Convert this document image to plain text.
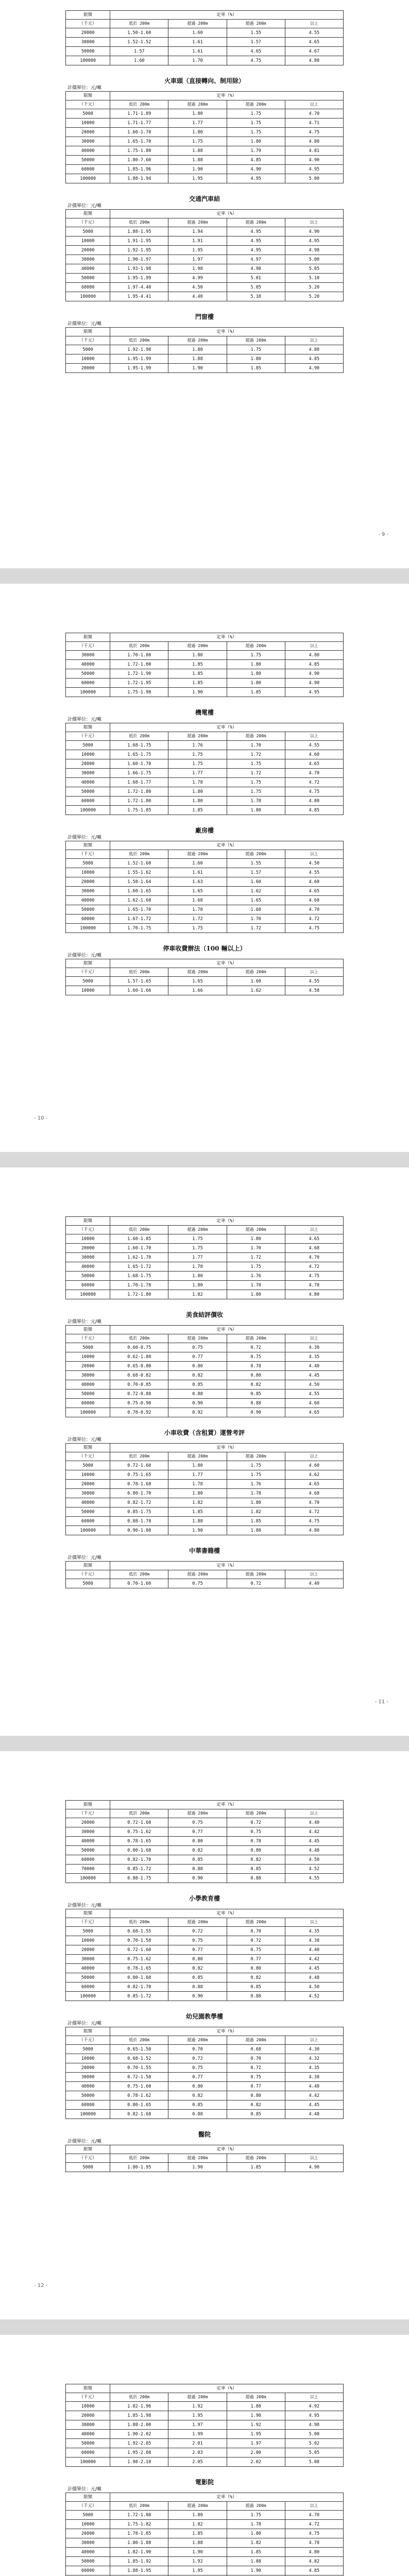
限額	定率（%）			
（千元）	低於 200m	超過 200m	超過 200m	以上
20000	1.50-1.60	1.60	1.55	4.55
30000	1.52-1.52	1.61	1.57	4.65
50000	1.57	1.61	4.65	4.67
100000	1.60	1.70	4.75	4.80

火車頭（直接轉向、制用除）

計價單位：元/噸

限額	定率（%）			
（千元）	低於 200m	超過 200m	超過 200m	以上
5000	1.71-1.89	1.80	1.75	4.70
10000	1.71-1.77	1.77	1.75	4.71
20000	1.60-1.78	1.80	1.75	4.75
30000	1.65-1.70	1.75	1.80	4.80
40000	1.75-1.80	1.88	1.79	4.81
50000	1.80-7.60	1.88	4.85	4.90
60000	1.85-1.96	1.90	4.90	4.95
100000	1.88-1.94	1.95	4.95	5.00

交通汽車結

計價單位：元/噸

限額	定率（%）			
（千元）	低於 200m	超過 200m	超過 200m	以上
5000	1.88-1.95	1.94	4.95	4.90
10000	1.91-1.95	1.91	4.95	4.95
20000	1.92-1.95	1.95	4.95	4.98
30000	1.90-1.97	1.97	4.97	5.00
40000	1.93-1.98	1.98	4.98	5.05
50000	1.95-1.99	4.99	5.01	5.10
60000	1.97-4.40	4.50	5.05	5.20
100000	1.95-4.41	4.40	5.10	5.20

門窗樓

計價單位：元/噸

限額	定率（%）			
（千元）	低於 200m	超過 200m	超過 200m	以上
5000	1.92-1.98	1.80	1.75	4.80
10000	1.95-1.99	1.88	1.80	4.85
20000	1.95-1.99	1.90	1.85	4.90
- 9 -
限額	定率（%）			
（千元）	低於 200m	超過 200m	超過 200m	以上
30000	1.70-1.80	1.80	1.75	4.80
40000	1.72-1.80	1.85	1.80	4.85
50000	1.72-1.90	1.85	1.80	4.90
60000	1.72-1.95	1.85	1.80	4.90
100000	1.75-1.98	1.90	1.85	4.95

機電樓

計價單位：元/噸

限額	定率（%）			
（千元）	低於 200m	超過 200m	超過 200m	以上
5000	1.68-1.75	1.76	1.70	4.55
10000	1.65-1.75	1.75	1.72	4.60
20000	1.60-1.70	1.75	1.75	4.65
30000	1.66-1.75	1.77	1.72	4.70
40000	1.68-1.77	1.78	1.75	4.72
50000	1.72-1.80	1.80	1.75	4.75
60000	1.72-1.80	1.80	1.78	4.80
100000	1.75-1.85	1.85	1.80	4.85

廠房樓

計價單位：元/噸

限額	定率（%）			
（千元）	低於 200m	超過 200m	超過 200m	以上
5000	1.52-1.60	1.60	1.55	4.50
10000	1.55-1.62	1.61	1.57	4.55
20000	1.58-1.64	1.63	1.60	4.60
30000	1.60-1.65	1.65	1.62	4.65
40000	1.62-1.68	1.68	1.65	4.68
50000	1.65-1.70	1.70	1.68	4.70
60000	1.67-1.72	1.72	1.70	4.72
100000	1.70-1.75	1.75	1.72	4.75

停車收費辦法（100 輛以上）

計價單位：元/噸

限額	定率（%）			
（千元）	低於 200m	超過 200m	超過 200m	以上
5000	1.57-1.65	1.65	1.60	4.55
10000	1.60-1.66	1.66	1.62	4.58
- 10 -
限額	定率（%）			
（千元）	低於 200m	超過 200m	超過 200m	以上
10000	1.60-1.85	1.75	1.80	4.65
20000	1.60-1.70	1.75	1.70	4.68
30000	1.62-1.70	1.77	1.72	4.70
40000	1.65-1.72	1.78	1.75	4.72
50000	1.68-1.75	1.80	1.76	4.75
60000	1.70-1.78	1.80	1.78	4.78
100000	1.72-1.80	1.82	1.80	4.80

美食結評價收

計價單位：元/噸

限額	定率（%）			
（千元）	低於 200m	超過 200m	超過 200m	以上
5000	0.60-0.75	0.75	0.72	4.30
10000	0.62-1.80	0.77	0.75	4.35
20000	0.65-0.80	0.80	0.78	4.40
30000	0.68-0.82	0.82	0.80	4.45
40000	0.70-0.85	0.85	0.82	4.50
50000	0.72-0.88	0.88	0.85	4.55
60000	0.75-0.90	0.90	0.88	4.60
100000	0.78-0.92	0.92	0.90	4.65

小車收費（含租賃）運營考評

計價單位：元/噸

限額	定率（%）			
（千元）	低於 200m	超過 200m	超過 200m	以上
5000	0.72-1.60	1.80	1.75	4.60
10000	0.75-1.65	1.77	1.75	4.62
20000	0.78-1.68	1.78	1.76	4.65
30000	0.80-1.70	1.80	1.78	4.68
40000	0.82-1.72	1.82	1.80	4.70
50000	0.85-1.75	1.85	1.82	4.72
60000	0.88-1.78	1.88	1.85	4.75
100000	0.90-1.80	1.90	1.88	4.80

中華書籍樓

計價單位：元/噸

限額	定率（%）			
（千元）	低於 200m	超過 200m	超過 200m	以上
5000	0.70-1.60	0.75	0.72	4.40
- 11 -
限額	定率（%）			
（千元）	低於 200m	超過 200m	超過 200m	以上
20000	0.72-1.60	0.75	0.72	4.40
30000	0.75-1.62	0.77	0.75	4.42
40000	0.78-1.65	0.80	0.78	4.45
50000	0.80-1.68	0.82	0.80	4.48
60000	0.82-1.70	0.85	0.82	4.50
70000	0.85-1.72	0.88	0.85	4.52
100000	0.88-1.75	0.90	0.88	4.55

小學教育樓

計價單位：元/噸

限額	定率（%）			
（千元）	低於 200m	超過 200m	超過 200m	以上
5000	0.68-1.55	0.72	0.70	4.35
10000	0.70-1.58	0.75	0.72	4.38
20000	0.72-1.60	0.77	0.75	4.40
30000	0.75-1.62	0.80	0.77	4.42
40000	0.78-1.65	0.82	0.80	4.45
50000	0.80-1.68	0.85	0.82	4.48
60000	0.82-1.70	0.88	0.85	4.50
100000	0.85-1.72	0.90	0.88	4.52

幼兒園教學樓

計價單位：元/噸

限額	定率（%）			
（千元）	低於 200m	超過 200m	超過 200m	以上
5000	0.65-1.50	0.70	0.68	4.30
10000	0.68-1.52	0.72	0.70	4.32
20000	0.70-1.55	0.75	0.72	4.35
30000	0.72-1.58	0.77	0.75	4.38
40000	0.75-1.60	0.80	0.77	4.40
50000	0.78-1.62	0.82	0.80	4.42
60000	0.80-1.65	0.85	0.82	4.45
100000	0.82-1.68	0.88	0.85	4.48

醫院

計價單位：元/噸

限額	定率（%）			
（千元）	低於 200m	超過 200m	超過 200m	以上
5000	1.80-1.95	1.90	1.85	4.90
- 12 -
限額	定率（%）			
（千元）	低於 200m	超過 200m	超過 200m	以上
10000	1.82-1.96	1.92	1.88	4.92
20000	1.85-1.98	1.95	1.90	4.95
30000	1.88-2.00	1.97	1.92	4.98
40000	1.90-2.02	1.99	1.95	5.00
50000	1.92-2.05	2.01	1.97	5.02
60000	1.95-2.08	2.03	2.00	5.05
100000	1.98-2.10	2.05	2.02	5.08

電影院

計價單位：元/噸

限額	定率（%）			
（千元）	低於 200m	超過 200m	超過 200m	以上
5000	1.72-1.80	1.80	1.75	4.70
10000	1.75-1.82	1.82	1.78	4.72
20000	1.78-1.85	1.85	1.80	4.75
30000	1.80-1.88	1.88	1.82	4.78
40000	1.82-1.90	1.90	1.85	4.80
50000	1.85-1.92	1.92	1.88	4.82
60000	1.88-1.95	1.95	1.90	4.85
